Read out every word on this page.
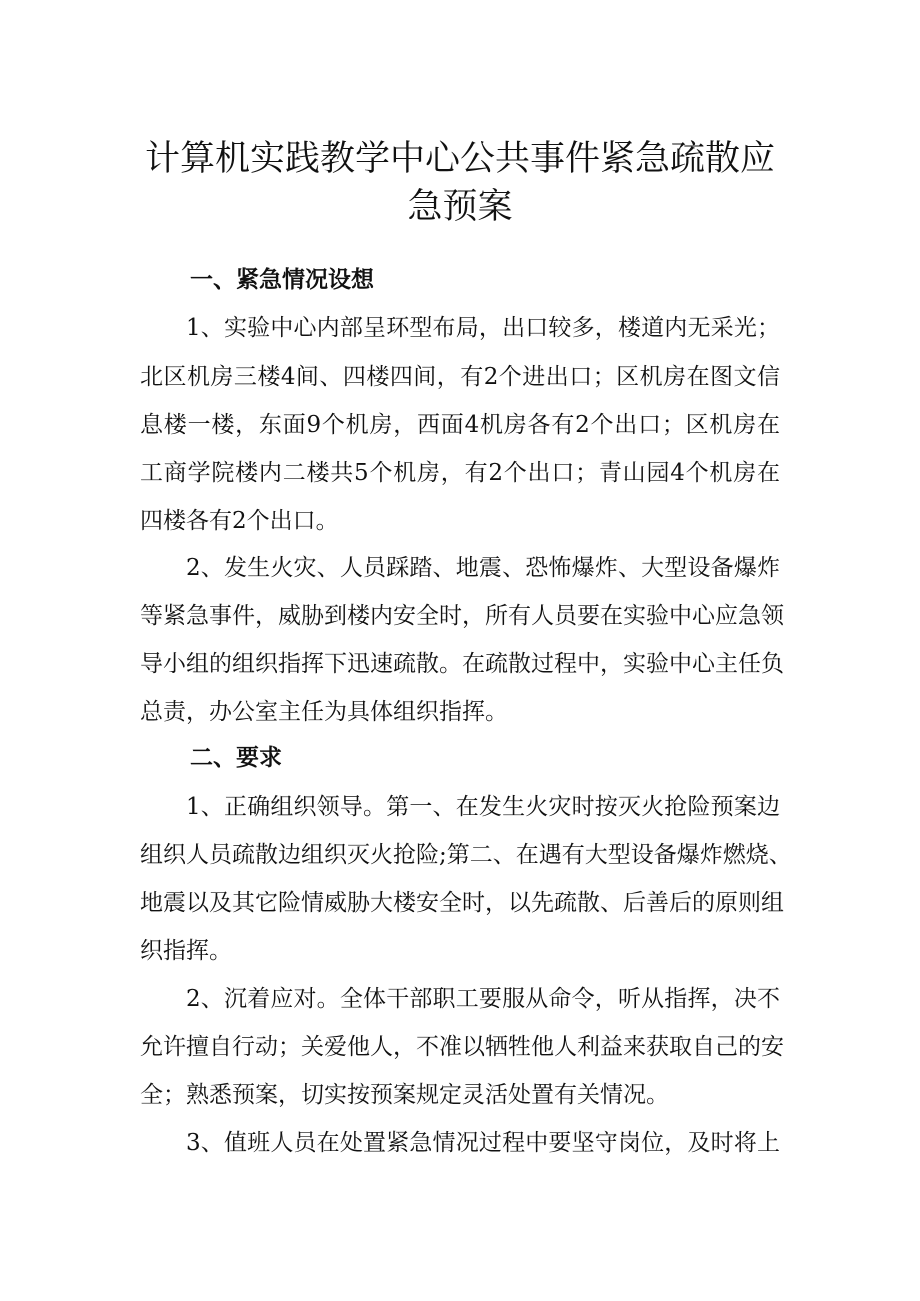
计算机实践教学中心公共事件紧急疏散应
急预案
一、紧急情况设想

1、实验中心内部呈环型布局，出口较多，楼道内无采光；

北区机房三楼4间、四楼四间，有2个进出口；区机房在图文信

息楼一楼，东面9个机房，西面4机房各有2个出口；区机房在

工商学院楼内二楼共5个机房，有2个出口；青山园4个机房在

四楼各有2个出口。

2、发生火灾、人员踩踏、地震、恐怖爆炸、大型设备爆炸

等紧急事件，威胁到楼内安全时，所有人员要在实验中心应急领

导小组的组织指挥下迅速疏散。在疏散过程中，实验中心主任负

总责，办公室主任为具体组织指挥。

二、要求

1、正确组织领导。第一、在发生火灾时按灭火抢险预案边

组织人员疏散边组织灭火抢险;第二、在遇有大型设备爆炸燃烧、

地震以及其它险情威胁大楼安全时，以先疏散、后善后的原则组

织指挥。

2、沉着应对。全体干部职工要服从命令，听从指挥，决不

允许擅自行动；关爱他人，不准以牺牲他人利益来获取自己的安

全；熟悉预案，切实按预案规定灵活处置有关情况。

3、值班人员在处置紧急情况过程中要坚守岗位，及时将上
